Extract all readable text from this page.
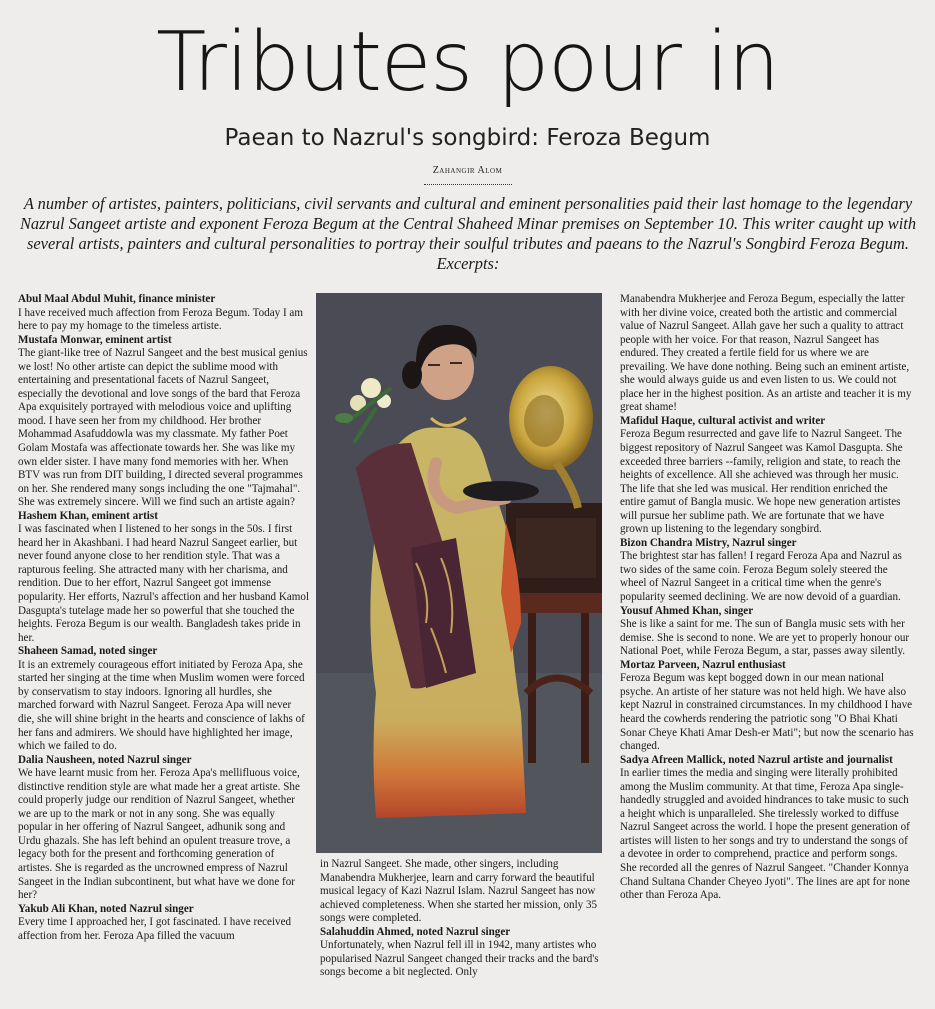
Tributes pour in
Paean to Nazrul's songbird: Feroza Begum
Zahangir Alom
A number of artistes, painters, politicians, civil servants and cultural and eminent personalities paid their last homage to the legendary Nazrul Sangeet artiste and exponent Feroza Begum at the Central Shaheed Minar premises on September 10. This writer caught up with several artists, painters and cultural personalities to portray their soulful tributes and paeans to the Nazrul's Songbird Feroza Begum. Excerpts:

Abul Maal Abdul Muhit, finance minister

I have received much affection from Feroza Begum. Today I am here to pay my homage to the timeless artiste.

Mustafa Monwar, eminent artist

The giant-like tree of Nazrul Sangeet and the best musical genius we lost! No other artiste can depict the sublime mood with entertaining and presentational facets of Nazrul Sangeet, especially the devotional and love songs of the bard that Feroza Apa exquisitely portrayed with melodious voice and uplifting mood. I have seen her from my childhood. Her brother Mohammad Asafuddowla was my classmate. My father Poet Golam Mostafa was affectionate towards her. She was like my own elder sister. I have many fond memories with her. When BTV was run from DIT building, I directed several programmes on her. She rendered many songs including the one "Tajmahal". She was extremely sincere. Will we find such an artiste again?

Hashem Khan, eminent artist

I was fascinated when I listened to her songs in the 50s. I first heard her in Akashbani. I had heard Nazrul Sangeet earlier, but never found anyone close to her rendition style. That was a rapturous feeling. She attracted many with her charisma, and rendition. Due to her effort, Nazrul Sangeet got immense popularity. Her efforts, Nazrul's affection and her husband Kamol Dasgupta's tutelage made her so powerful that she touched the heights. Feroza Begum is our wealth. Bangladesh takes pride in her.

Shaheen Samad, noted singer

It is an extremely courageous effort initiated by Feroza Apa, she started her singing at the time when Muslim women were forced by conservatism to stay indoors. Ignoring all hurdles, she marched forward with Nazrul Sangeet. Feroza Apa will never die, she will shine bright in the hearts and conscience of lakhs of her fans and admirers. We should have highlighted her image, which we failed to do.

Dalia Nausheen, noted Nazrul singer

We have learnt music from her. Feroza Apa's mellifluous voice, distinctive rendition style are what made her a great artiste. She could properly judge our rendition of Nazrul Sangeet, whether we are up to the mark or not in any song. She was equally popular in her offering of Nazrul Sangeet, adhunik song and Urdu ghazals. She has left behind an opulent treasure trove, a legacy both for the present and forthcoming generation of artistes. She is regarded as the uncrowned empress of Nazrul Sangeet in the Indian subcontinent, but what have we done for her?

Yakub Ali Khan, noted Nazrul singer

Every time I approached her, I got fascinated. I have received affection from her. Feroza Apa filled the vacuum

in Nazrul Sangeet. She made, other singers, including Manabendra Mukherjee, learn and carry forward the beautiful musical legacy of Kazi Nazrul Islam. Nazrul Sangeet has now achieved completeness. When she started her mission, only 35 songs were completed.

Salahuddin Ahmed, noted Nazrul singer

Unfortunately, when Nazrul fell ill in 1942, many artistes who popularised Nazrul Sangeet changed their tracks and the bard's songs become a bit neglected. Only

Manabendra Mukherjee and Feroza Begum, especially the latter with her divine voice, created both the artistic and commercial value of Nazrul Sangeet. Allah gave her such a quality to attract people with her voice. For that reason, Nazrul Sangeet has endured. They created a fertile field for us where we are prevailing. We have done nothing. Being such an eminent artiste, she would always guide us and even listen to us. We could not place her in the highest position. As an artiste and teacher it is my great shame!

Mafidul Haque, cultural activist and writer

Feroza Begum resurrected and gave life to Nazrul Sangeet. The biggest repository of Nazrul Sangeet was Kamol Dasgupta. She exceeded three barriers --family, religion and state, to reach the heights of excellence. All she achieved was through her music. The life that she led was musical. Her rendition enriched the entire gamut of Bangla music. We hope new generation artistes will pursue her sublime path. We are fortunate that we have grown up listening to the legendary songbird.

Bizon Chandra Mistry, Nazrul singer

The brightest star has fallen! I regard Feroza Apa and Nazrul as two sides of the same coin. Feroza Begum solely steered the wheel of Nazrul Sangeet in a critical time when the genre's popularity seemed declining. We are now devoid of a guardian.

Yousuf Ahmed Khan, singer

She is like a saint for me. The sun of Bangla music sets with her demise. She is second to none. We are yet to properly honour our National Poet, while Feroza Begum, a star, passes away silently.

Mortaz Parveen, Nazrul enthusiast

Feroza Begum was kept bogged down in our mean national psyche. An artiste of her stature was not held high. We have also kept Nazrul in constrained circumstances. In my childhood I have heard the cowherds rendering the patriotic song "O Bhai Khati Sonar Cheye Khati Amar Desh-er Mati"; but now the scenario has changed.

Sadya Afreen Mallick, noted Nazrul artiste and journalist

In earlier times the media and singing were literally prohibited among the Muslim community. At that time, Feroza Apa single-handedly struggled and avoided hindrances to take music to such a height which is unparalleled. She tirelessly worked to diffuse Nazrul Sangeet across the world. I hope the present generation of artistes will listen to her songs and try to understand the songs of a devotee in order to comprehend, practice and perform songs. She recorded all the genres of Nazrul Sangeet. "Chander Konnya Chand Sultana Chander Cheyeo Jyoti". The lines are apt for none other than Feroza Apa.
